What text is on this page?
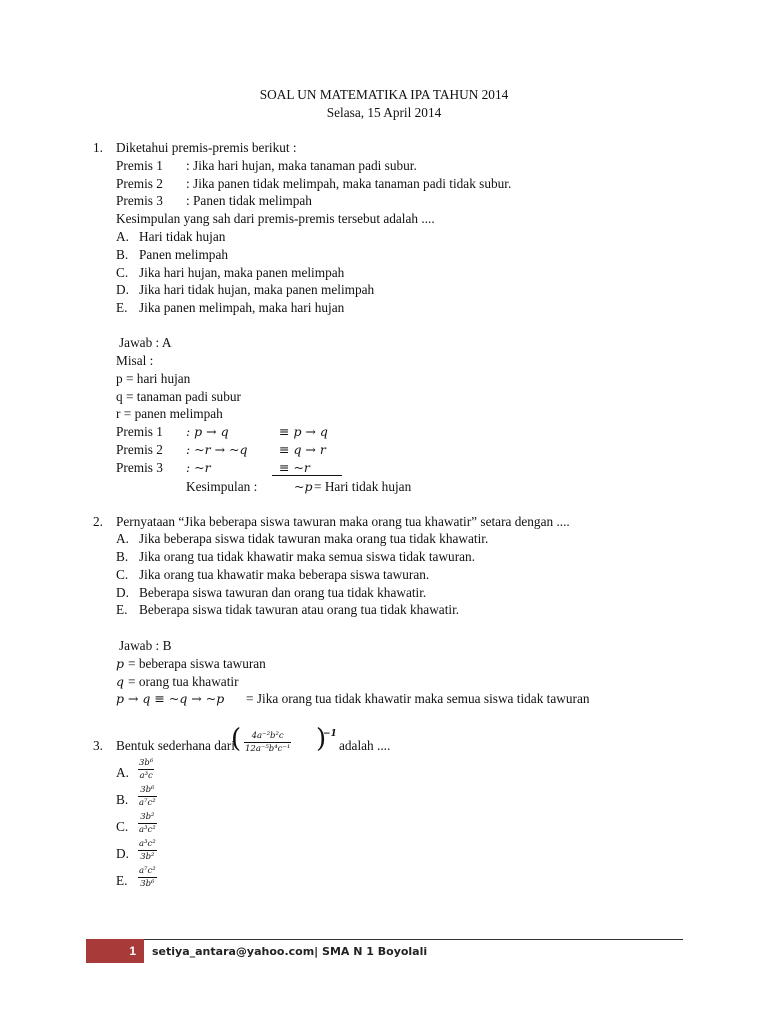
SOAL UN MATEMATIKA IPA TAHUN 2014
Selasa, 15 April 2014
1. Diketahui premis-premis berikut :
Premis 1 : Jika hari hujan, maka tanaman padi subur.
Premis 2 : Jika panen tidak melimpah, maka tanaman padi tidak subur.
Premis 3 : Panen tidak melimpah
Kesimpulan yang sah dari premis-premis tersebut adalah ....
A. Hari tidak hujan
B. Panen melimpah
C. Jika hari hujan, maka panen melimpah
D. Jika hari tidak hujan, maka panen melimpah
E. Jika panen melimpah, maka hari hujan
Jawab : A
Misal :
p = hari hujan
q = tanaman padi subur
r = panen melimpah
Premis 1 : p → q	≡ p → q
Premis 2 : ~r → ~q	≡ q → r
Premis 3 : ~r	≡ ~r
Kesimpulan :	~p = Hari tidak hujan
2. Pernyataan “Jika beberapa siswa tawuran maka orang tua khawatir” setara dengan ....
A. Jika beberapa siswa tidak tawuran maka orang tua tidak khawatir.
B. Jika orang tua tidak khawatir maka semua siswa tidak tawuran.
C. Jika orang tua khawatir maka beberapa siswa tawuran.
D. Beberapa siswa tawuran dan orang tua tidak khawatir.
E. Beberapa siswa tidak tawuran atau orang tua tidak khawatir.
Jawab : B
p = beberapa siswa tawuran
q = orang tua khawatir
p → q ≡ ~q → ~p = Jika orang tua tidak khawatir maka semua siswa tidak tawuran
3. Bentuk sederhana dari
( 4a⁻²b²c
12a⁻⁵b⁴c⁻¹ )
−1
adalah ....
A.
3b⁶
a³c
B.
3b⁶
a⁷c²
C.
3b²
a³c²
D.
a³c²
3b²
E.
a⁷c²
3b⁶
1	setiya_antara@yahoo.com| SMA N 1 Boyolali
